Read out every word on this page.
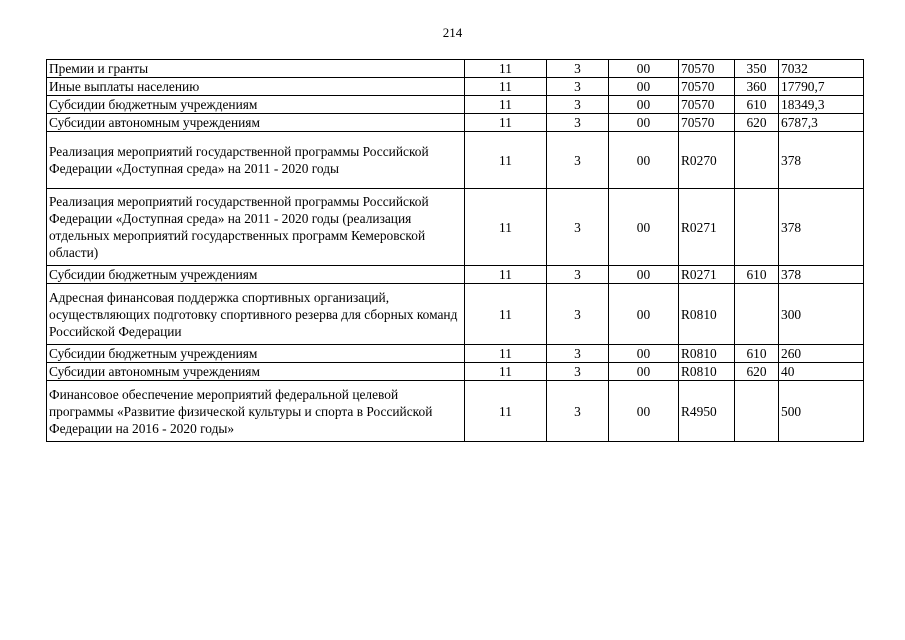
214
Премии и гранты	11	3	00	70570	350	7032
Иные выплаты населению	11	3	00	70570	360	17790,7
Субсидии бюджетным учреждениям	11	3	00	70570	610	18349,3
Субсидии автономным учреждениям	11	3	00	70570	620	6787,3
Реализация мероприятий государственной программы Российской Федерации «Доступная среда» на 2011 - 2020 годы	11	3	00	R0270		378
Реализация мероприятий государственной программы Российской Федерации «Доступная среда» на 2011 - 2020 годы (реализация отдельных мероприятий государственных программ Кемеровской области)	11	3	00	R0271		378
Субсидии бюджетным учреждениям	11	3	00	R0271	610	378
Адресная финансовая поддержка спортивных организаций, осуществляющих подготовку спортивного резерва для сборных команд Российской Федерации	11	3	00	R0810		300
Субсидии бюджетным учреждениям	11	3	00	R0810	610	260
Субсидии автономным учреждениям	11	3	00	R0810	620	40
Финансовое обеспечение мероприятий федеральной целевой программы «Развитие физической культуры и спорта в Российской Федерации на 2016 - 2020 годы»	11	3	00	R4950		500
